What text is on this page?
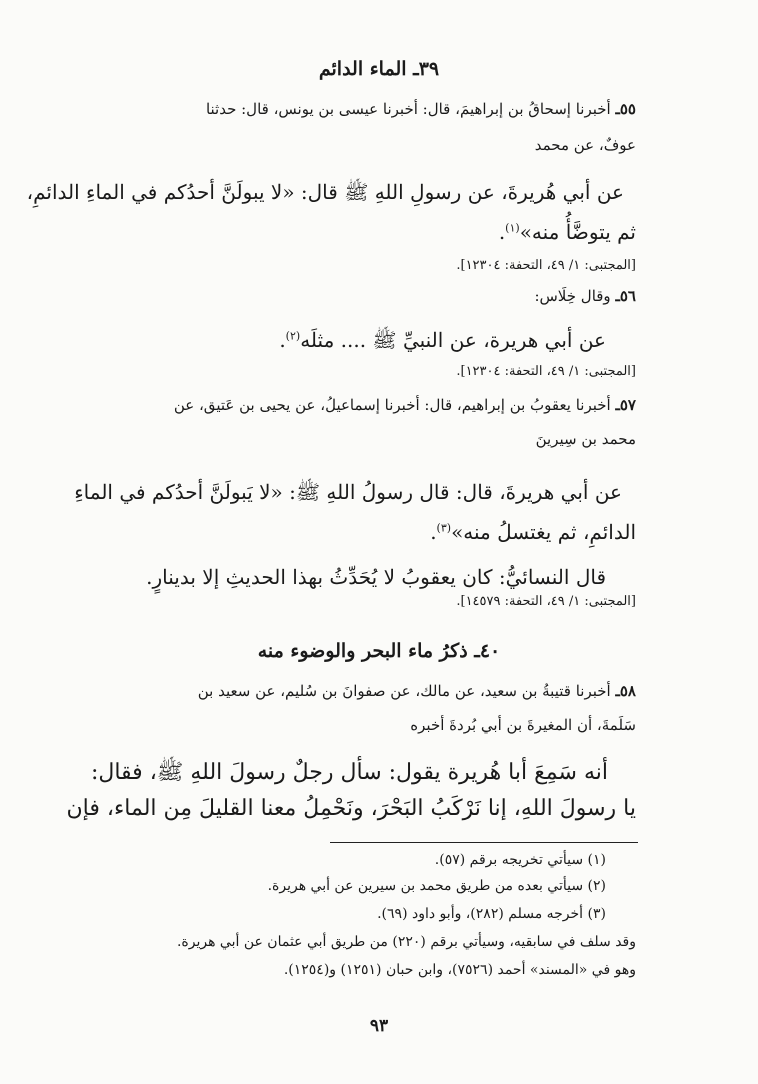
٣٩ـ الماء الدائم
٥٥ـ أخبرنا إسحاقُ بن إبراهيمَ، قال: أخبرنا عيسى بن يونس، قال: حدثنا
عوفٌ، عن محمد
عن أبي هُريرةَ، عن رسولِ اللهِ ﷺ قال: «لا يبولَنَّ أحدُكم في الماءِ الدائمِ،
ثم يتوضَّأُ منه»$^{(١)}$.
[المجتبى: ١/ ٤٩، التحفة: ١٢٣٠٤].
٥٦ـ وقال خِلَاس:
عن أبي هريرة، عن النبيِّ ﷺ .... مثلَه$^{(٢)}$.
[المجتبى: ١/ ٤٩، التحفة: ١٢٣٠٤].
٥٧ـ أخبرنا يعقوبُ بن إبراهيم، قال: أخبرنا إسماعيلُ، عن يحيى بن عَتيق، عن
محمد بن سِيرينَ
عن أبي هريرةَ، قال: قال رسولُ اللهِ ﷺ: «لا يَبولَنَّ أحدُكم في الماءِ
الدائمِ، ثم يغتسلُ منه»$^{(٣)}$.
قال النسائيُّ: كان يعقوبُ لا يُحَدِّثُ بهذا الحديثِ إلا بدينارٍ.
[المجتبى: ١/ ٤٩، التحفة: ١٤٥٧٩].
٤٠ـ ذكرُ ماء البحر والوضوء منه
٥٨ـ أخبرنا قتيبةُ بن سعيد، عن مالك، عن صفوانَ بن سُليم، عن سعيد بن
سَلَمةَ، أن المغيرةَ بن أبي بُردةَ أخبره
أنه سَمِعَ أبا هُريرة يقول: سأل رجلٌ رسولَ اللهِ ﷺ، فقال:
يا رسولَ اللهِ، إنا نَرْكَبُ البَحْرَ، ونَحْمِلُ معنا القليلَ مِن الماء، فإن
(١) سيأتي تخريجه برقم (٥٧).
(٢) سيأتي بعده من طريق محمد بن سيرين عن أبي هريرة.
(٣) أخرجه مسلم (٢٨٢)، وأبو داود (٦٩).
وقد سلف في سابقيه، وسيأتي برقم (٢٢٠) من طريق أبي عثمان عن أبي هريرة.
وهو في «المسند» أحمد (٧٥٢٦)، وابن حبان (١٢٥١) و(١٢٥٤).
٩٣
